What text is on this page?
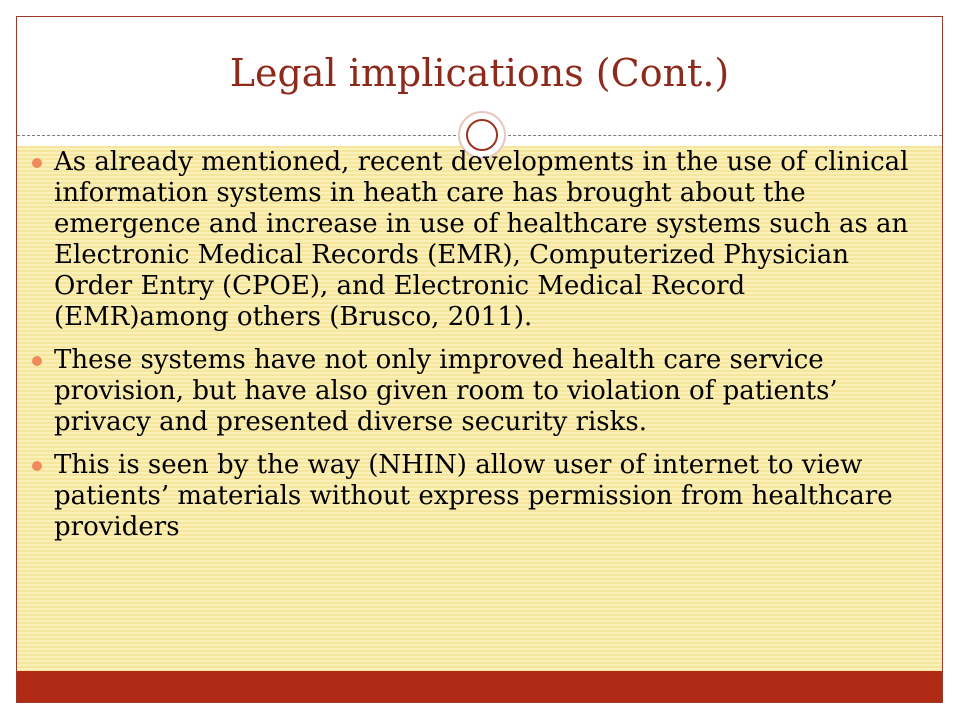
Legal implications (Cont.)
As already mentioned, recent developments in the use of clinical information systems in heath care has brought about the emergence and increase in use of healthcare systems such as an Electronic Medical Records (EMR), Computerized Physician Order Entry (CPOE), and Electronic Medical Record (EMR)among others (Brusco, 2011).
These systems have not only improved health care service provision, but have also given room to violation of patients’ privacy and presented diverse security risks.
This is seen by the way (NHIN) allow user of internet to view patients’ materials without express permission from healthcare providers
